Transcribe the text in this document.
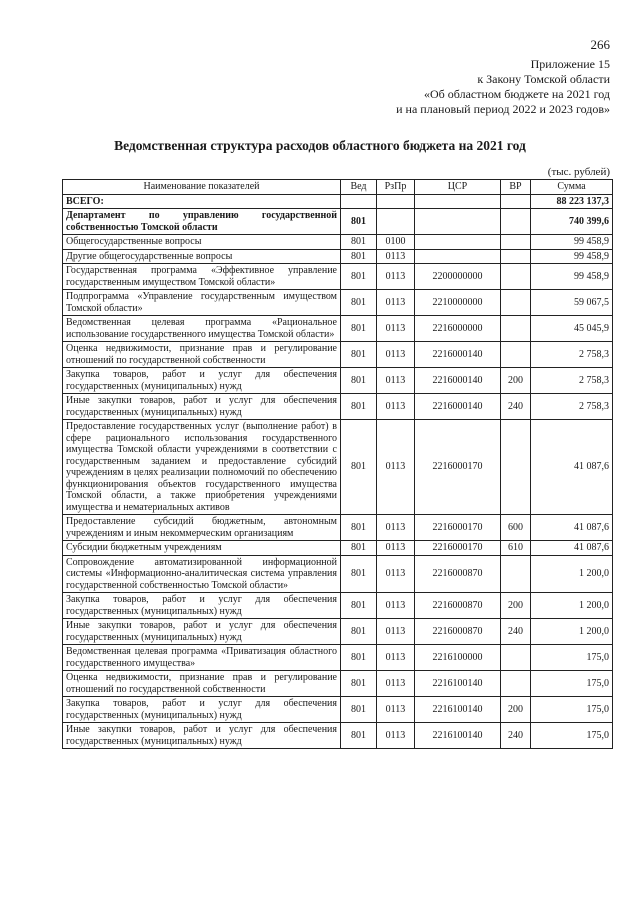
266
Приложение 15
к Закону Томской области
«Об областном бюджете на 2021 год
и на плановый период 2022 и 2023 годов»
Ведомственная структура расходов областного бюджета на 2021 год
(тыс. рублей)
Наименование показателей	Вед	РзПр	ЦСР	ВР	Сумма
ВСЕГО:					88 223 137,3
Департамент по управлению государственной собственностью Томской области	801				740 399,6
Общегосударственные вопросы	801	0100			99 458,9
Другие общегосударственные вопросы	801	0113			99 458,9
Государственная программа «Эффективное управление государственным имуществом Томской области»	801	0113	2200000000		99 458,9
Подпрограмма «Управление государственным имуществом Томской области»	801	0113	2210000000		59 067,5
Ведомственная целевая программа «Рациональное использование государственного имущества Томской области»	801	0113	2216000000		45 045,9
Оценка недвижимости, признание прав и регулирование отношений по государственной собственности	801	0113	2216000140		2 758,3
Закупка товаров, работ и услуг для обеспечения государственных (муниципальных) нужд	801	0113	2216000140	200	2 758,3
Иные закупки товаров, работ и услуг для обеспечения государственных (муниципальных) нужд	801	0113	2216000140	240	2 758,3
Предоставление государственных услуг (выполнение работ) в сфере рационального использования государственного имущества Томской области учреждениями в соответствии с государственным заданием и предоставление субсидий учреждениям в целях реализации полномочий по обеспечению функционирования объектов государственного имущества Томской области, а также приобретения учреждениями имущества и нематериальных активов	801	0113	2216000170		41 087,6
Предоставление субсидий бюджетным, автономным учреждениям и иным некоммерческим организациям	801	0113	2216000170	600	41 087,6
Субсидии бюджетным учреждениям	801	0113	2216000170	610	41 087,6
Сопровождение автоматизированной информационной системы «Информационно-аналитическая система управления государственной собственностью Томской области»	801	0113	2216000870		1 200,0
Закупка товаров, работ и услуг для обеспечения государственных (муниципальных) нужд	801	0113	2216000870	200	1 200,0
Иные закупки товаров, работ и услуг для обеспечения государственных (муниципальных) нужд	801	0113	2216000870	240	1 200,0
Ведомственная целевая программа «Приватизация областного государственного имущества»	801	0113	2216100000		175,0
Оценка недвижимости, признание прав и регулирование отношений по государственной собственности	801	0113	2216100140		175,0
Закупка товаров, работ и услуг для обеспечения государственных (муниципальных) нужд	801	0113	2216100140	200	175,0
Иные закупки товаров, работ и услуг для обеспечения государственных (муниципальных) нужд	801	0113	2216100140	240	175,0
